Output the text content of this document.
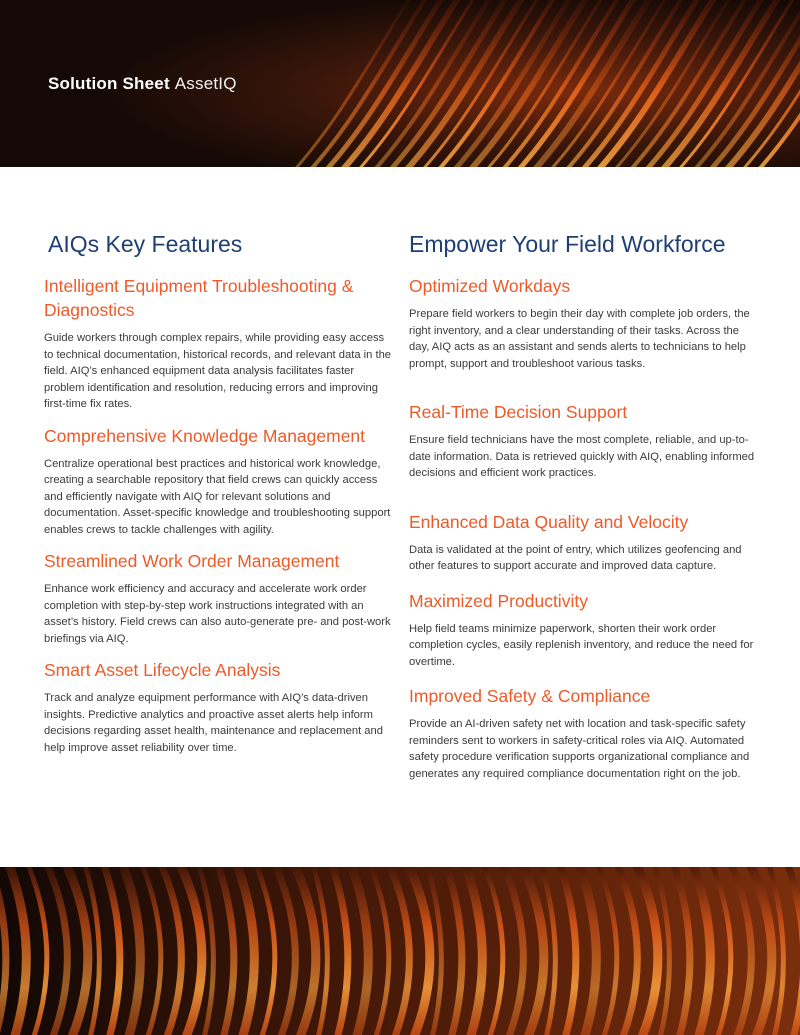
Solution Sheet AssetIQ
AIQs Key Features
Intelligent Equipment Troubleshooting & Diagnostics

Guide workers through complex repairs, while providing easy access to technical documentation, historical records, and relevant data in the field. AIQ’s enhanced equipment data analysis facilitates faster problem identification and resolution, reducing errors and improving first-time fix rates.

Comprehensive Knowledge Management

Centralize operational best practices and historical work knowledge, creating a searchable repository that field crews can quickly access and efficiently navigate with AIQ for relevant solutions and documentation. Asset-specific knowledge and troubleshooting support enables crews to tackle challenges with agility.

Streamlined Work Order Management

Enhance work efficiency and accuracy and accelerate work order completion with step-by-step work instructions integrated with an asset’s history. Field crews can also auto-generate pre- and post-work briefings via AIQ.

Smart Asset Lifecycle Analysis

Track and analyze equipment performance with AIQ’s data-driven insights. Predictive analytics and proactive asset alerts help inform decisions regarding asset health, maintenance and replacement and help improve asset reliability over time.

Empower Your Field Workforce
Optimized Workdays

Prepare field workers to begin their day with complete job orders, the right inventory, and a clear understanding of their tasks. Across the day, AIQ acts as an assistant and sends alerts to technicians to help prompt, support and troubleshoot various tasks.

Real-Time Decision Support

Ensure field technicians have the most complete, reliable, and up-to-date information. Data is retrieved quickly with AIQ, enabling informed decisions and efficient work practices.

Enhanced Data Quality and Velocity

Data is validated at the point of entry, which utilizes geofencing and other features to support accurate and improved data capture.

Maximized Productivity

Help field teams minimize paperwork, shorten their work order completion cycles, easily replenish inventory, and reduce the need for overtime.

Improved Safety & Compliance

Provide an AI-driven safety net with location and task-specific safety reminders sent to workers in safety-critical roles via AIQ. Automated safety procedure verification supports organizational compliance and generates any required compliance documentation right on the job.
